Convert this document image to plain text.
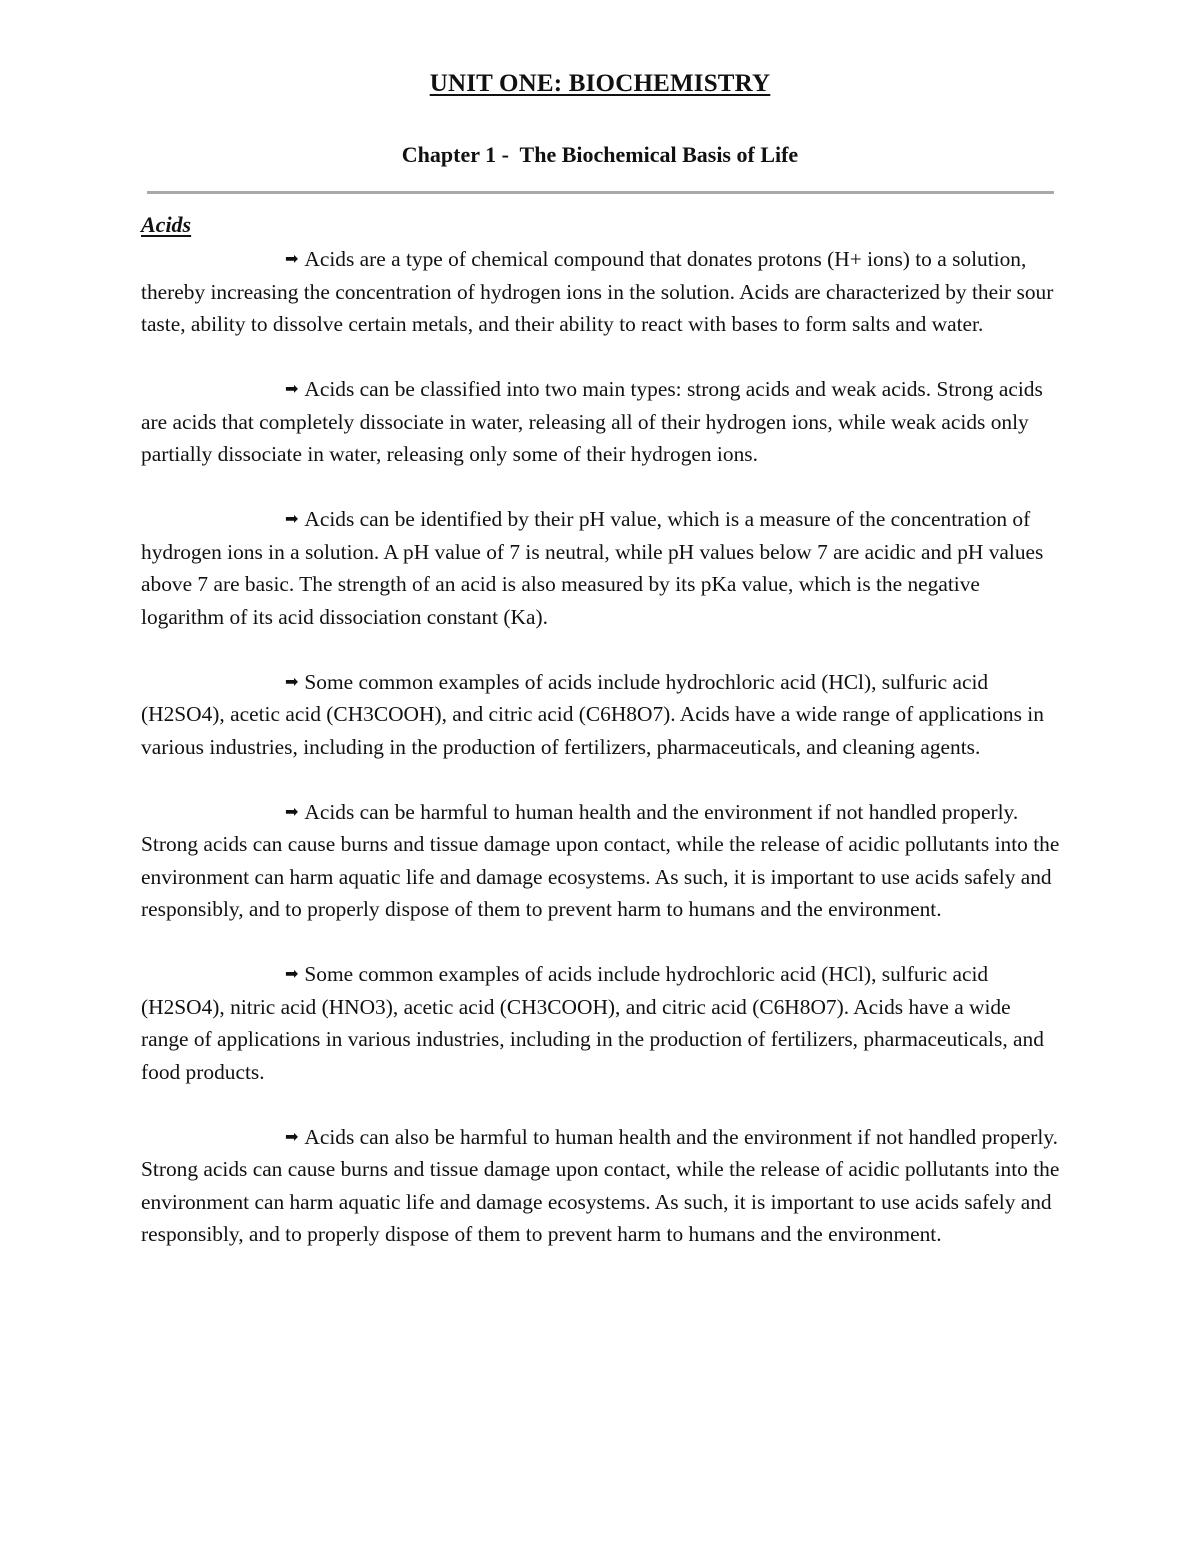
UNIT ONE: BIOCHEMISTRY
Chapter 1 -  The Biochemical Basis of Life
Acids

➡ Acids are a type of chemical compound that donates protons (H+ ions) to a solution, thereby increasing the concentration of hydrogen ions in the solution. Acids are characterized by their sour taste, ability to dissolve certain metals, and their ability to react with bases to form salts and water.

➡ Acids can be classified into two main types: strong acids and weak acids. Strong acids are acids that completely dissociate in water, releasing all of their hydrogen ions, while weak acids only partially dissociate in water, releasing only some of their hydrogen ions.

➡ Acids can be identified by their pH value, which is a measure of the concentration of hydrogen ions in a solution. A pH value of 7 is neutral, while pH values below 7 are acidic and pH values above 7 are basic. The strength of an acid is also measured by its pKa value, which is the negative logarithm of its acid dissociation constant (Ka).

➡ Some common examples of acids include hydrochloric acid (HCl), sulfuric acid (H2SO4), acetic acid (CH3COOH), and citric acid (C6H8O7). Acids have a wide range of applications in various industries, including in the production of fertilizers, pharmaceuticals, and cleaning agents.

➡ Acids can be harmful to human health and the environment if not handled properly. Strong acids can cause burns and tissue damage upon contact, while the release of acidic pollutants into the environment can harm aquatic life and damage ecosystems. As such, it is important to use acids safely and responsibly, and to properly dispose of them to prevent harm to humans and the environment.

➡ Some common examples of acids include hydrochloric acid (HCl), sulfuric acid (H2SO4), nitric acid (HNO3), acetic acid (CH3COOH), and citric acid (C6H8O7). Acids have a wide range of applications in various industries, including in the production of fertilizers, pharmaceuticals, and food products.

➡ Acids can also be harmful to human health and the environment if not handled properly. Strong acids can cause burns and tissue damage upon contact, while the release of acidic pollutants into the environment can harm aquatic life and damage ecosystems. As such, it is important to use acids safely and responsibly, and to properly dispose of them to prevent harm to humans and the environment.
